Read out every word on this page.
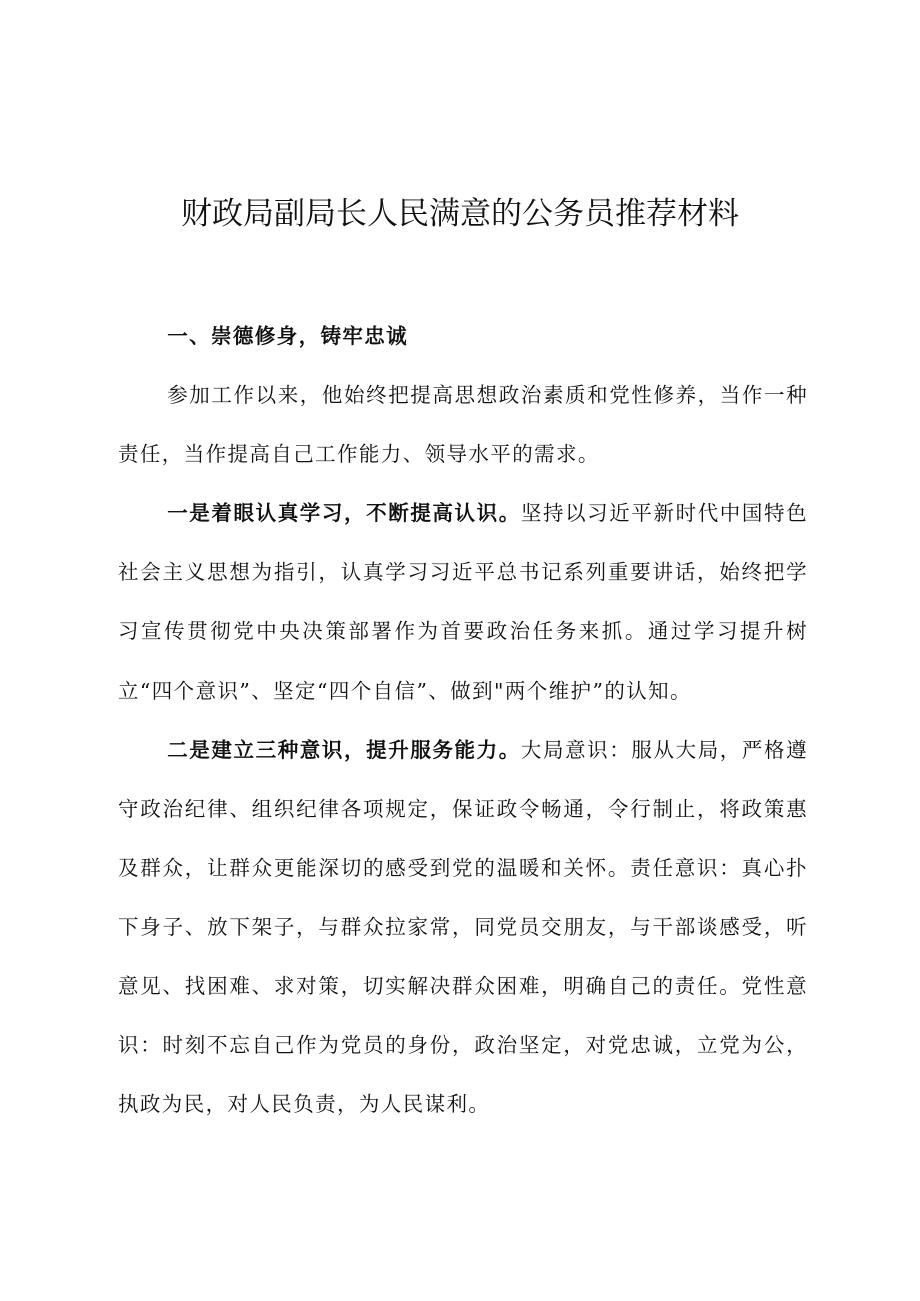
财政局副局长人民满意的公务员推荐材料

一、崇德修身，铸牢忠诚

参加工作以来，他始终把提高思想政治素质和党性修养，当作一种责任，当作提高自己工作能力、领导水平的需求。

一是着眼认真学习，不断提高认识。坚持以习近平新时代中国特色社会主义思想为指引，认真学习习近平总书记系列重要讲话，始终把学习宣传贯彻党中央决策部署作为首要政治任务来抓。通过学习提升树立“四个意识”、坚定“四个自信”、做到"两个维护”的认知。

二是建立三种意识，提升服务能力。大局意识：服从大局，严格遵守政治纪律、组织纪律各项规定，保证政令畅通，令行制止，将政策惠及群众，让群众更能深切的感受到党的温暖和关怀。责任意识：真心扑下身子、放下架子，与群众拉家常，同党员交朋友，与干部谈感受，听意见、找困难、求对策，切实解决群众困难，明确自己的责任。党性意识：时刻不忘自己作为党员的身份，政治坚定，对党忠诚，立党为公，执政为民，对人民负责，为人民谋利。
